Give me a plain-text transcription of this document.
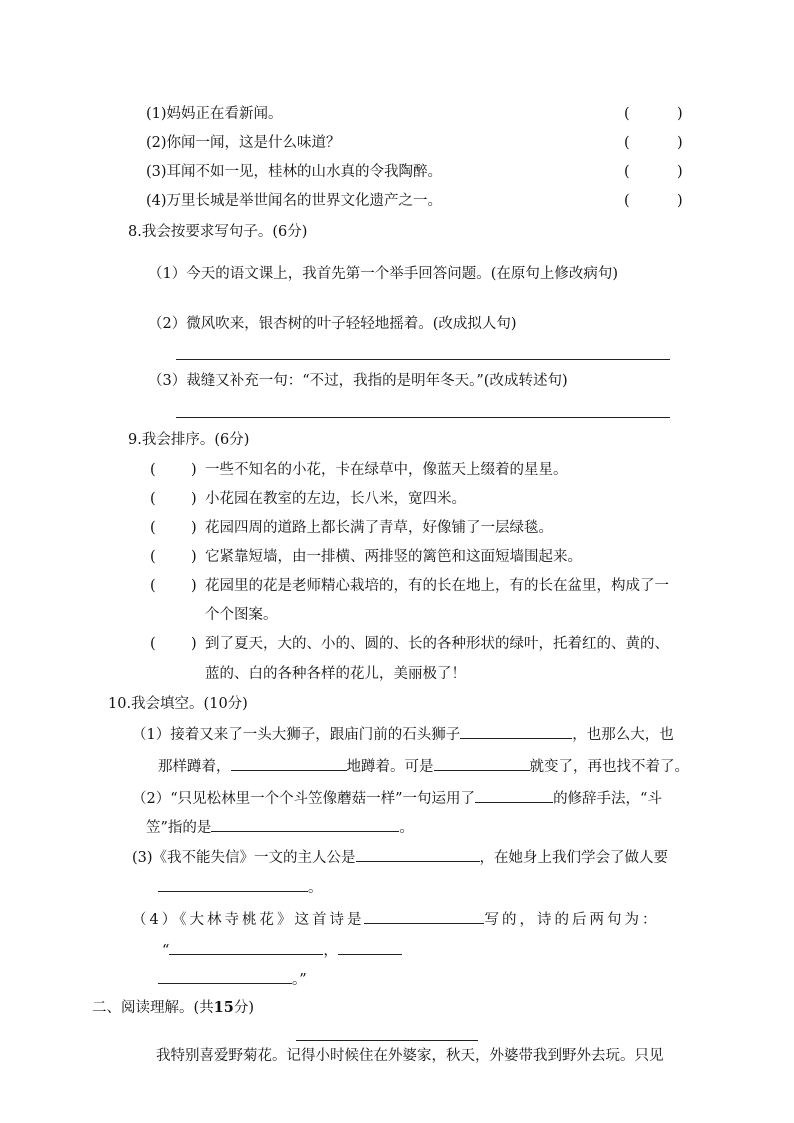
(1)妈妈正在看新闻。	(	)
(2)你闻一闻，这是什么味道？	(	)
(3)耳闻不如一见，桂林的山水真的令我陶醉。	(	)
(4)万里长城是举世闻名的世界文化遗产之一。	(	)
8.我会按要求写句子。(6分)
（1）今天的语文课上，我首先第一个举手回答问题。(在原句上修改病句)
（2）微风吹来，银杏树的叶子轻轻地摇着。(改成拟人句)
（3）裁缝又补充一句：“不过，我指的是明年冬天。”(改成转述句)
9.我会排序。(6分)
( ) 一些不知名的小花，卡在绿草中，像蓝天上缀着的星星。
( ) 小花园在教室的左边，长八米，宽四米。
( ) 花园四周的道路上都长满了青草，好像铺了一层绿毯。
( ) 它紧靠短墙，由一排横、两排竖的篱笆和这面短墙围起来。
( ) 花园里的花是老师精心栽培的，有的长在地上，有的长在盆里，构成了一
个个图案。
( ) 到了夏天，大的、小的、圆的、长的各种形状的绿叶，托着红的、黄的、
蓝的、白的各种各样的花儿，美丽极了！
10.我会填空。(10分)
（1）接着又来了一头大狮子，跟庙门前的石头狮子	，也那么大，也
那样蹲着，	地蹲着。可是	就变了，再也找不着了。
（2）“只见松林里一个个斗笠像蘑菇一样”一句运用了	的修辞手法，“斗
笠”指的是	。
(3)《我不能失信》一文的主人公是	，在她身上我们学会了做人要
。
（4）《大林寺桃花》这首诗是	写的，诗的后两句为：
“	，
。”
二、阅读理解。(共15分)
我特别喜爱野菊花。记得小时候住在外婆家，秋天，外婆带我到野外去玩。只见
